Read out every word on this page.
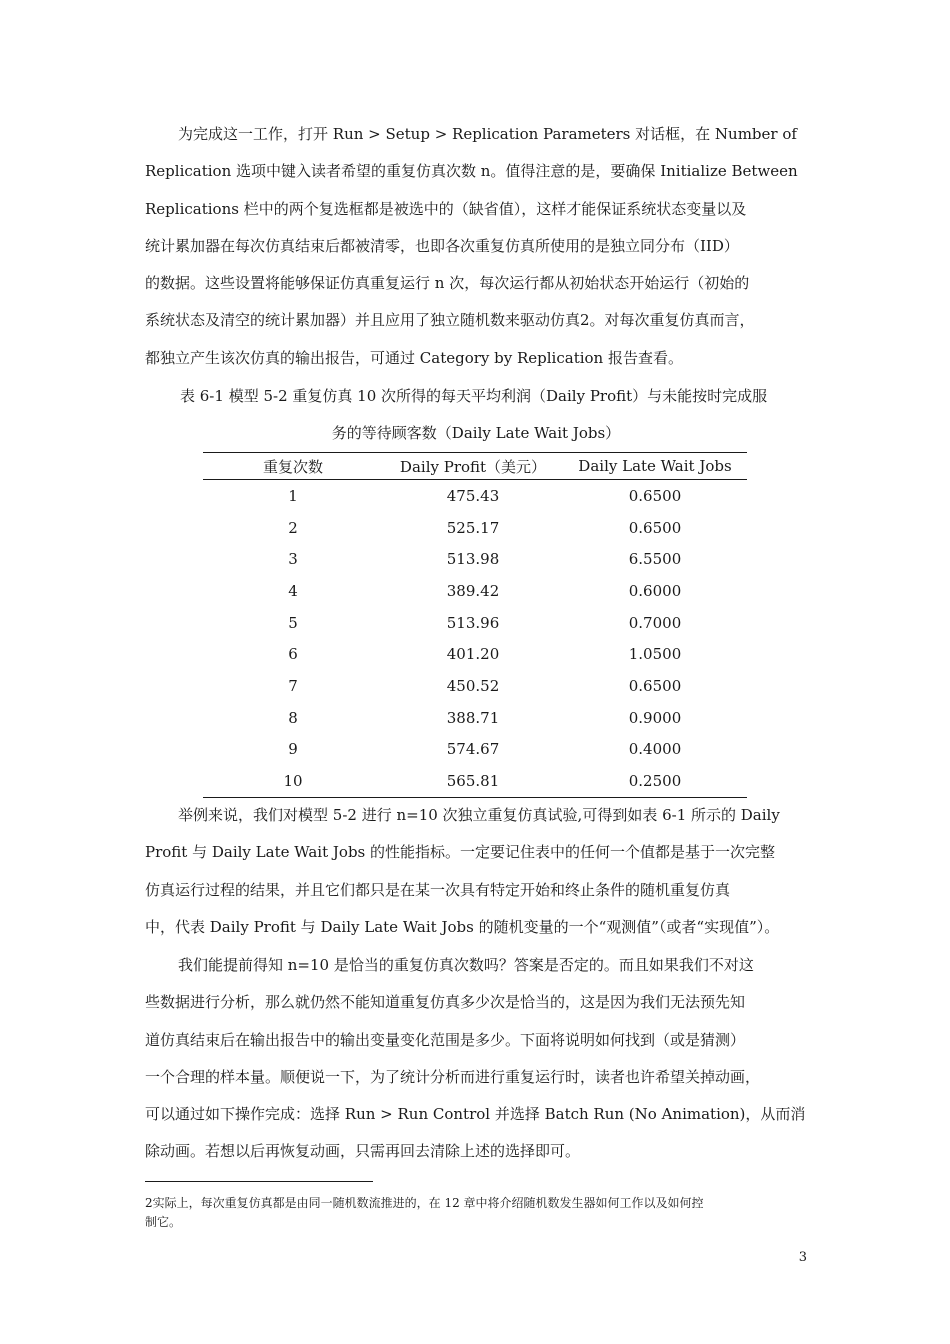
为完成这一工作，打开 Run > Setup > Replication Parameters 对话框，在 Number of
Replication 选项中键入读者希望的重复仿真次数 n。值得注意的是，要确保 Initialize Between
Replications 栏中的两个复选框都是被选中的（缺省值），这样才能保证系统状态变量以及
统计累加器在每次仿真结束后都被清零，也即各次重复仿真所使用的是独立同分布（IID）
的数据。这些设置将能够保证仿真重复运行 n 次，每次运行都从初始状态开始运行（初始的
系统状态及清空的统计累加器）并且应用了独立随机数来驱动仿真2。对每次重复仿真而言，
都独立产生该次仿真的输出报告，可通过 Category by Replication 报告查看。
表 6-1 模型 5-2 重复仿真 10 次所得的每天平均利润（Daily Profit）与未能按时完成服
务的等待顾客数（Daily Late Wait Jobs）
重复次数	Daily Profit（美元）	Daily Late Wait Jobs
1	475.43	0.6500
2	525.17	0.6500
3	513.98	6.5500
4	389.42	0.6000
5	513.96	0.7000
6	401.20	1.0500
7	450.52	0.6500
8	388.71	0.9000
9	574.67	0.4000
10	565.81	0.2500
举例来说，我们对模型 5-2 进行 n=10 次独立重复仿真试验,可得到如表 6-1 所示的 Daily
Profit 与 Daily Late Wait Jobs 的性能指标。一定要记住表中的任何一个值都是基于一次完整
仿真运行过程的结果，并且它们都只是在某一次具有特定开始和终止条件的随机重复仿真
中，代表 Daily Profit 与 Daily Late Wait Jobs 的随机变量的一个“观测值”（或者“实现值”）。
我们能提前得知 n=10 是恰当的重复仿真次数吗？答案是否定的。而且如果我们不对这
些数据进行分析，那么就仍然不能知道重复仿真多少次是恰当的，这是因为我们无法预先知
道仿真结束后在输出报告中的输出变量变化范围是多少。下面将说明如何找到（或是猜测）
一个合理的样本量。顺便说一下，为了统计分析而进行重复运行时，读者也许希望关掉动画，
可以通过如下操作完成：选择 Run > Run Control 并选择 Batch Run (No Animation)，从而消
除动画。若想以后再恢复动画，只需再回去清除上述的选择即可。
2实际上，每次重复仿真都是由同一随机数流推进的，在 12 章中将介绍随机数发生器如何工作以及如何控
制它。
3
